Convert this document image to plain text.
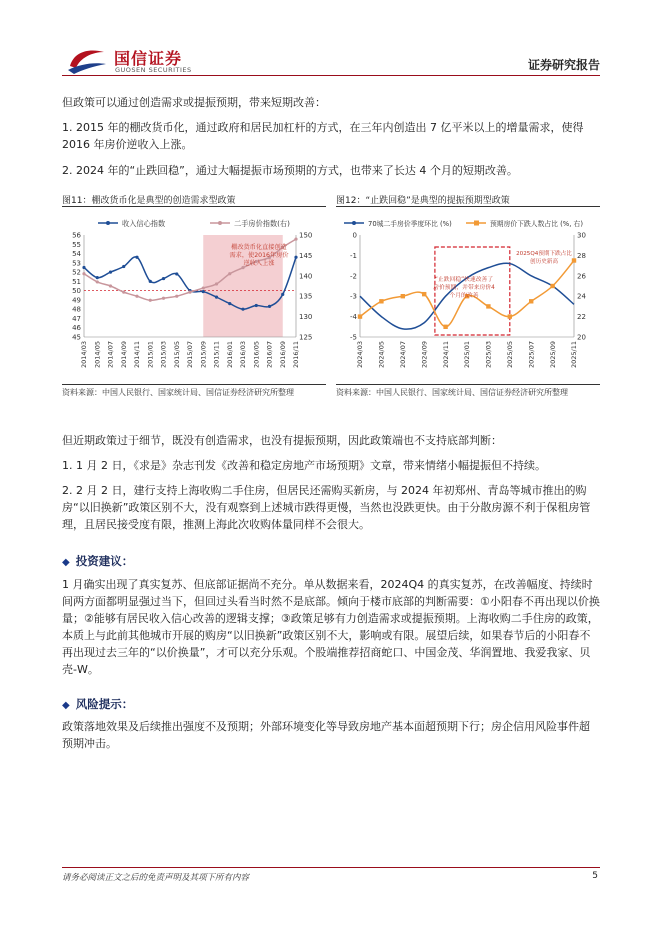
国信证券
GUOSEN SECURITIES	证券研究报告
但政策可以通过创造需求或提振预期，带来短期改善：
1. 2015 年的棚改货币化，通过政府和居民加杠杆的方式，在三年内创造出 7 亿平米以上的增量需求，使得 2016 年房价逆收入上涨。
2. 2024 年的“止跌回稳”，通过大幅提振市场预期的方式，也带来了长达 4 个月的短期改善。
图11：棚改货币化是典型的创造需求型政策
收入信心指数	二手房价指数(右)
45
46
47
48
49
50
51
52
53
54
55
56
125
130
135
140
145
150
2014/03 2014/05 2014/07 2014/09 2014/11 2015/01 2015/03 2015/05 2015/07 2015/09 2015/11 2016/01 2016/03 2016/05 2016/07 2016/09 2016/11
棚改货币化直接创造
需求，使2016年房价
逆收入上涨
资料来源：中国人民银行、国家统计局、国信证券经济研究所整理
图12：“止跌回稳”是典型的提振预期型政策
70城二手房价季度环比 (%)	预期房价下跌人数占比 (%, 右)
-5
-4
-3
-2
-1
0
20
22
24
26
28
30
2024/03 2024/05 2024/07 2024/09 2024/11 2025/01 2025/03 2025/05 2025/07 2025/09 2025/11
“止跌回稳”快速改善了
房价预期，并带来房价4
个月的改善
2025Q4预期下跌占比
创历史新高
资料来源：中国人民银行、国家统计局、国信证券经济研究所整理
但近期政策过于细节，既没有创造需求，也没有提振预期，因此政策端也不支持底部判断：
1. 1 月 2 日，《求是》杂志刊发《改善和稳定房地产市场预期》文章，带来情绪小幅提振但不持续。
2. 2 月 2 日，建行支持上海收购二手住房，但居民还需购买新房，与 2024 年初郑州、青岛等城市推出的购房“以旧换新”政策区别不大，没有观察到上述城市跌得更慢，当然也没跌更快。由于分散房源不利于保租房管理，且居民接受度有限，推测上海此次收购体量同样不会很大。
◆ 投资建议：
1 月确实出现了真实复苏、但底部证据尚不充分。单从数据来看，2024Q4 的真实复苏，在改善幅度、持续时间两方面都明显强过当下，但回过头看当时然不是底部。倾向于楼市底部的判断需要：①小阳春不再出现以价换量；②能够有居民收入信心改善的逻辑支撑；③政策足够有力创造需求或提振预期。上海收购二手住房的政策，本质上与此前其他城市开展的购房“以旧换新”政策区别不大，影响或有限。展望后续，如果春节后的小阳春不再出现过去三年的“以价换量”，才可以充分乐观。个股端推荐招商蛇口、中国金茂、华润置地、我爱我家、贝壳-W。
◆ 风险提示：
政策落地效果及后续推出强度不及预期；外部环境变化等导致房地产基本面超预期下行；房企信用风险事件超预期冲击。
请务必阅读正文之后的免责声明及其项下所有内容	5
